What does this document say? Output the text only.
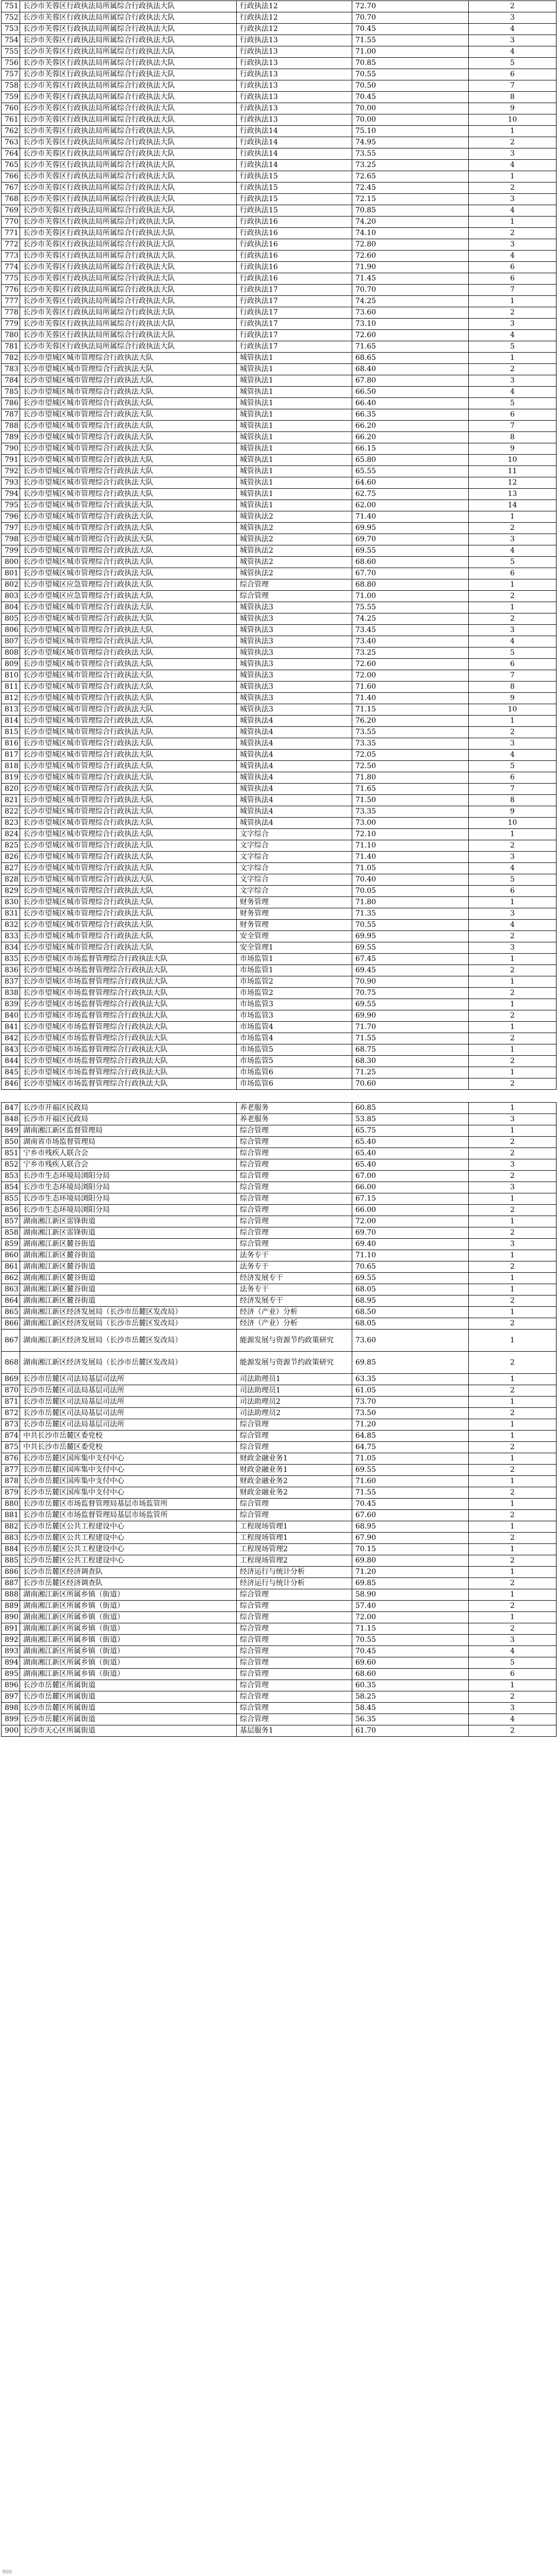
751	长沙市芙蓉区行政执法局所属综合行政执法大队	行政执法12	72.70	2
752	长沙市芙蓉区行政执法局所属综合行政执法大队	行政执法12	70.70	3
753	长沙市芙蓉区行政执法局所属综合行政执法大队	行政执法12	70.45	4
754	长沙市芙蓉区行政执法局所属综合行政执法大队	行政执法13	71.55	3
755	长沙市芙蓉区行政执法局所属综合行政执法大队	行政执法13	71.00	4
756	长沙市芙蓉区行政执法局所属综合行政执法大队	行政执法13	70.85	5
757	长沙市芙蓉区行政执法局所属综合行政执法大队	行政执法13	70.55	6
758	长沙市芙蓉区行政执法局所属综合行政执法大队	行政执法13	70.50	7
759	长沙市芙蓉区行政执法局所属综合行政执法大队	行政执法13	70.45	8
760	长沙市芙蓉区行政执法局所属综合行政执法大队	行政执法13	70.00	9
761	长沙市芙蓉区行政执法局所属综合行政执法大队	行政执法13	70.00	10
762	长沙市芙蓉区行政执法局所属综合行政执法大队	行政执法14	75.10	1
763	长沙市芙蓉区行政执法局所属综合行政执法大队	行政执法14	74.95	2
764	长沙市芙蓉区行政执法局所属综合行政执法大队	行政执法14	73.55	3
765	长沙市芙蓉区行政执法局所属综合行政执法大队	行政执法14	73.25	4
766	长沙市芙蓉区行政执法局所属综合行政执法大队	行政执法15	72.65	1
767	长沙市芙蓉区行政执法局所属综合行政执法大队	行政执法15	72.45	2
768	长沙市芙蓉区行政执法局所属综合行政执法大队	行政执法15	72.15	3
769	长沙市芙蓉区行政执法局所属综合行政执法大队	行政执法15	70.85	4
770	长沙市芙蓉区行政执法局所属综合行政执法大队	行政执法16	74.20	1
771	长沙市芙蓉区行政执法局所属综合行政执法大队	行政执法16	74.10	2
772	长沙市芙蓉区行政执法局所属综合行政执法大队	行政执法16	72.80	3
773	长沙市芙蓉区行政执法局所属综合行政执法大队	行政执法16	72.60	4
774	长沙市芙蓉区行政执法局所属综合行政执法大队	行政执法16	71.90	6
775	长沙市芙蓉区行政执法局所属综合行政执法大队	行政执法16	71.45	6
776	长沙市芙蓉区行政执法局所属综合行政执法大队	行政执法17	70.70	7
777	长沙市芙蓉区行政执法局所属综合行政执法大队	行政执法17	74.25	1
778	长沙市芙蓉区行政执法局所属综合行政执法大队	行政执法17	73.60	2
779	长沙市芙蓉区行政执法局所属综合行政执法大队	行政执法17	73.10	3
780	长沙市芙蓉区行政执法局所属综合行政执法大队	行政执法17	72.60	4
781	长沙市芙蓉区行政执法局所属综合行政执法大队	行政执法17	71.65	5
782	长沙市望城区城市管理综合行政执法大队	城管执法1	68.65	1
783	长沙市望城区城市管理综合行政执法大队	城管执法1	68.40	2
784	长沙市望城区城市管理综合行政执法大队	城管执法1	67.80	3
785	长沙市望城区城市管理综合行政执法大队	城管执法1	66.50	4
786	长沙市望城区城市管理综合行政执法大队	城管执法1	66.40	5
787	长沙市望城区城市管理综合行政执法大队	城管执法1	66.35	6
788	长沙市望城区城市管理综合行政执法大队	城管执法1	66.20	7
789	长沙市望城区城市管理综合行政执法大队	城管执法1	66.20	8
790	长沙市望城区城市管理综合行政执法大队	城管执法1	66.15	9
791	长沙市望城区城市管理综合行政执法大队	城管执法1	65.80	10
792	长沙市望城区城市管理综合行政执法大队	城管执法1	65.55	11
793	长沙市望城区城市管理综合行政执法大队	城管执法1	64.60	12
794	长沙市望城区城市管理综合行政执法大队	城管执法1	62.75	13
795	长沙市望城区城市管理综合行政执法大队	城管执法1	62.00	14
796	长沙市望城区城市管理综合行政执法大队	城管执法2	71.40	1
797	长沙市望城区城市管理综合行政执法大队	城管执法2	69.95	2
798	长沙市望城区城市管理综合行政执法大队	城管执法2	69.70	3
799	长沙市望城区城市管理综合行政执法大队	城管执法2	69.55	4
800	长沙市望城区城市管理综合行政执法大队	城管执法2	68.60	5
801	长沙市望城区城市管理综合行政执法大队	城管执法2	67.70	6
802	长沙市望城区应急管理综合行政执法大队	综合管理	68.80	1
803	长沙市望城区应急管理综合行政执法大队	综合管理	71.00	2
804	长沙市望城区城市管理综合行政执法大队	城管执法3	75.55	1
805	长沙市望城区城市管理综合行政执法大队	城管执法3	74.25	2
806	长沙市望城区城市管理综合行政执法大队	城管执法3	73.45	3
807	长沙市望城区城市管理综合行政执法大队	城管执法3	73.40	4
808	长沙市望城区城市管理综合行政执法大队	城管执法3	73.25	5
809	长沙市望城区城市管理综合行政执法大队	城管执法3	72.60	6
810	长沙市望城区城市管理综合行政执法大队	城管执法3	72.00	7
811	长沙市望城区城市管理综合行政执法大队	城管执法3	71.60	8
812	长沙市望城区城市管理综合行政执法大队	城管执法3	71.40	9
813	长沙市望城区城市管理综合行政执法大队	城管执法3	71.15	10
814	长沙市望城区城市管理综合行政执法大队	城管执法4	76.20	1
815	长沙市望城区城市管理综合行政执法大队	城管执法4	73.55	2
816	长沙市望城区城市管理综合行政执法大队	城管执法4	73.35	3
817	长沙市望城区城市管理综合行政执法大队	城管执法4	72.05	4
818	长沙市望城区城市管理综合行政执法大队	城管执法4	72.50	5
819	长沙市望城区城市管理综合行政执法大队	城管执法4	71.80	6
820	长沙市望城区城市管理综合行政执法大队	城管执法4	71.65	7
821	长沙市望城区城市管理综合行政执法大队	城管执法4	71.50	8
822	长沙市望城区城市管理综合行政执法大队	城管执法4	73.35	9
823	长沙市望城区城市管理综合行政执法大队	城管执法4	73.00	10
824	长沙市望城区城市管理综合行政执法大队	文字综合	72.10	1
825	长沙市望城区城市管理综合行政执法大队	文字综合	71.10	2
826	长沙市望城区城市管理综合行政执法大队	文字综合	71.40	3
827	长沙市望城区城市管理综合行政执法大队	文字综合	71.05	4
828	长沙市望城区城市管理综合行政执法大队	文字综合	70.40	5
829	长沙市望城区城市管理综合行政执法大队	文字综合	70.05	6
830	长沙市望城区城市管理综合行政执法大队	财务管理	71.80	1
831	长沙市望城区城市管理综合行政执法大队	财务管理	71.35	3
832	长沙市望城区城市管理综合行政执法大队	财务管理	70.55	4
833	长沙市望城区城市管理综合行政执法大队	安全管理	69.95	2
834	长沙市望城区城市管理综合行政执法大队	安全管理1	69.55	3
835	长沙市望城区市场监督管理综合行政执法大队	市场监管1	67.45	1
836	长沙市望城区市场监督管理综合行政执法大队	市场监管1	69.45	2
837	长沙市望城区市场监督管理综合行政执法大队	市场监管2	70.90	1
838	长沙市望城区市场监督管理综合行政执法大队	市场监管2	70.75	2
839	长沙市望城区市场监督管理综合行政执法大队	市场监管3	69.55	1
840	长沙市望城区市场监督管理综合行政执法大队	市场监管3	69.90	2
841	长沙市望城区市场监督管理综合行政执法大队	市场监管4	71.70	1
842	长沙市望城区市场监督管理综合行政执法大队	市场监管4	71.55	2
843	长沙市望城区市场监督管理综合行政执法大队	市场监管5	68.75	1
844	长沙市望城区市场监督管理综合行政执法大队	市场监管5	68.30	2
845	长沙市望城区市场监督管理综合行政执法大队	市场监管6	71.25	1
846	长沙市望城区市场监督管理综合行政执法大队	市场监管6	70.60	2

847	长沙市开福区民政局	养老服务	60.85	1
848	长沙市开福区民政局	养老服务	53.85	3
849	湖南湘江新区监督管理局	综合管理	65.75	1
850	湖南省市场监督管理局	综合管理	65.40	2
851	宁乡市残疾人联合会	综合管理	65.40	2
852	宁乡市残疾人联合会	综合管理	65.40	3
853	长沙市生态环境局浏阳分局	综合管理	67.00	2
854	长沙市生态环境局浏阳分局	综合管理	66.00	3
855	长沙市生态环境局浏阳分局	综合管理	67.15	1
856	长沙市生态环境局浏阳分局	综合管理	66.00	2
857	湖南湘江新区雷锋街道	综合管理	72.00	1
858	湖南湘江新区雷锋街道	综合管理	69.70	2
859	湖南湘江新区麓谷街道	综合管理	69.40	3
860	湖南湘江新区麓谷街道	法务专干	71.10	1
861	湖南湘江新区麓谷街道	法务专干	70.65	2
862	湖南湘江新区麓谷街道	经济发展专干	69.55	1
863	湖南湘江新区麓谷街道	法务专干	68.05	1
864	湖南湘江新区麓谷街道	经济发展专干	68.95	2
865	湖南湘江新区经济发展局（长沙市岳麓区发改局）	经济（产业）分析	68.50	1
866	湖南湘江新区经济发展局（长沙市岳麓区发改局）	经济（产业）分析	68.05	2
867	湖南湘江新区经济发展局（长沙市岳麓区发改局）	能源发展与资源节约政策研究	73.60	1
868	湖南湘江新区经济发展局（长沙市岳麓区发改局）	能源发展与资源节约政策研究	69.85	2
869	长沙市岳麓区司法局基层司法所	司法助理员1	63.35	1
870	长沙市岳麓区司法局基层司法所	司法助理员1	61.05	2
871	长沙市岳麓区司法局基层司法所	司法助理员2	73.70	1
872	长沙市岳麓区司法局基层司法所	司法助理员2	73.50	2
873	长沙市岳麓区司法局基层司法所	综合管理	71.20	1
874	中共长沙市岳麓区委党校	综合管理	64.85	1
875	中共长沙市岳麓区委党校	综合管理	64.75	2
876	长沙市岳麓区国库集中支付中心	财政金融业务1	71.05	1
877	长沙市岳麓区国库集中支付中心	财政金融业务1	69.55	2
878	长沙市岳麓区国库集中支付中心	财政金融业务2	71.60	1
879	长沙市岳麓区国库集中支付中心	财政金融业务2	71.55	2
880	长沙市岳麓区市场监督管理局基层市场监管所	综合管理	70.45	1
881	长沙市岳麓区市场监督管理局基层市场监管所	综合管理	67.60	2
882	长沙市岳麓区公共工程建设中心	工程现场管理1	68.95	1
883	长沙市岳麓区公共工程建设中心	工程现场管理1	67.90	2
884	长沙市岳麓区公共工程建设中心	工程现场管理2	70.15	1
885	长沙市岳麓区公共工程建设中心	工程现场管理2	69.80	2
886	长沙市岳麓区经济调查队	经济运行与统计分析	71.20	1
887	长沙市岳麓区经济调查队	经济运行与统计分析	69.85	2
888	湖南湘江新区所属乡镇（街道）	综合管理	58.90	1
889	湖南湘江新区所属乡镇（街道）	综合管理	57.40	2
890	湖南湘江新区所属乡镇（街道）	综合管理	72.00	1
891	湖南湘江新区所属乡镇（街道）	综合管理	71.15	2
892	湖南湘江新区所属乡镇（街道）	综合管理	70.55	3
893	湖南湘江新区所属乡镇（街道）	综合管理	70.45	4
894	湖南湘江新区所属乡镇（街道）	综合管理	69.60	5
895	湖南湘江新区所属乡镇（街道）	综合管理	68.60	6
896	长沙市岳麓区所属街道	综合管理	60.35	1
897	长沙市岳麓区所属街道	综合管理	58.25	2
898	长沙市岳麓区所属街道	综合管理	58.45	3
899	长沙市岳麓区所属街道	综合管理	56.35	4
900	长沙市天心区所属街道	基层服务1	61.70	2
900
